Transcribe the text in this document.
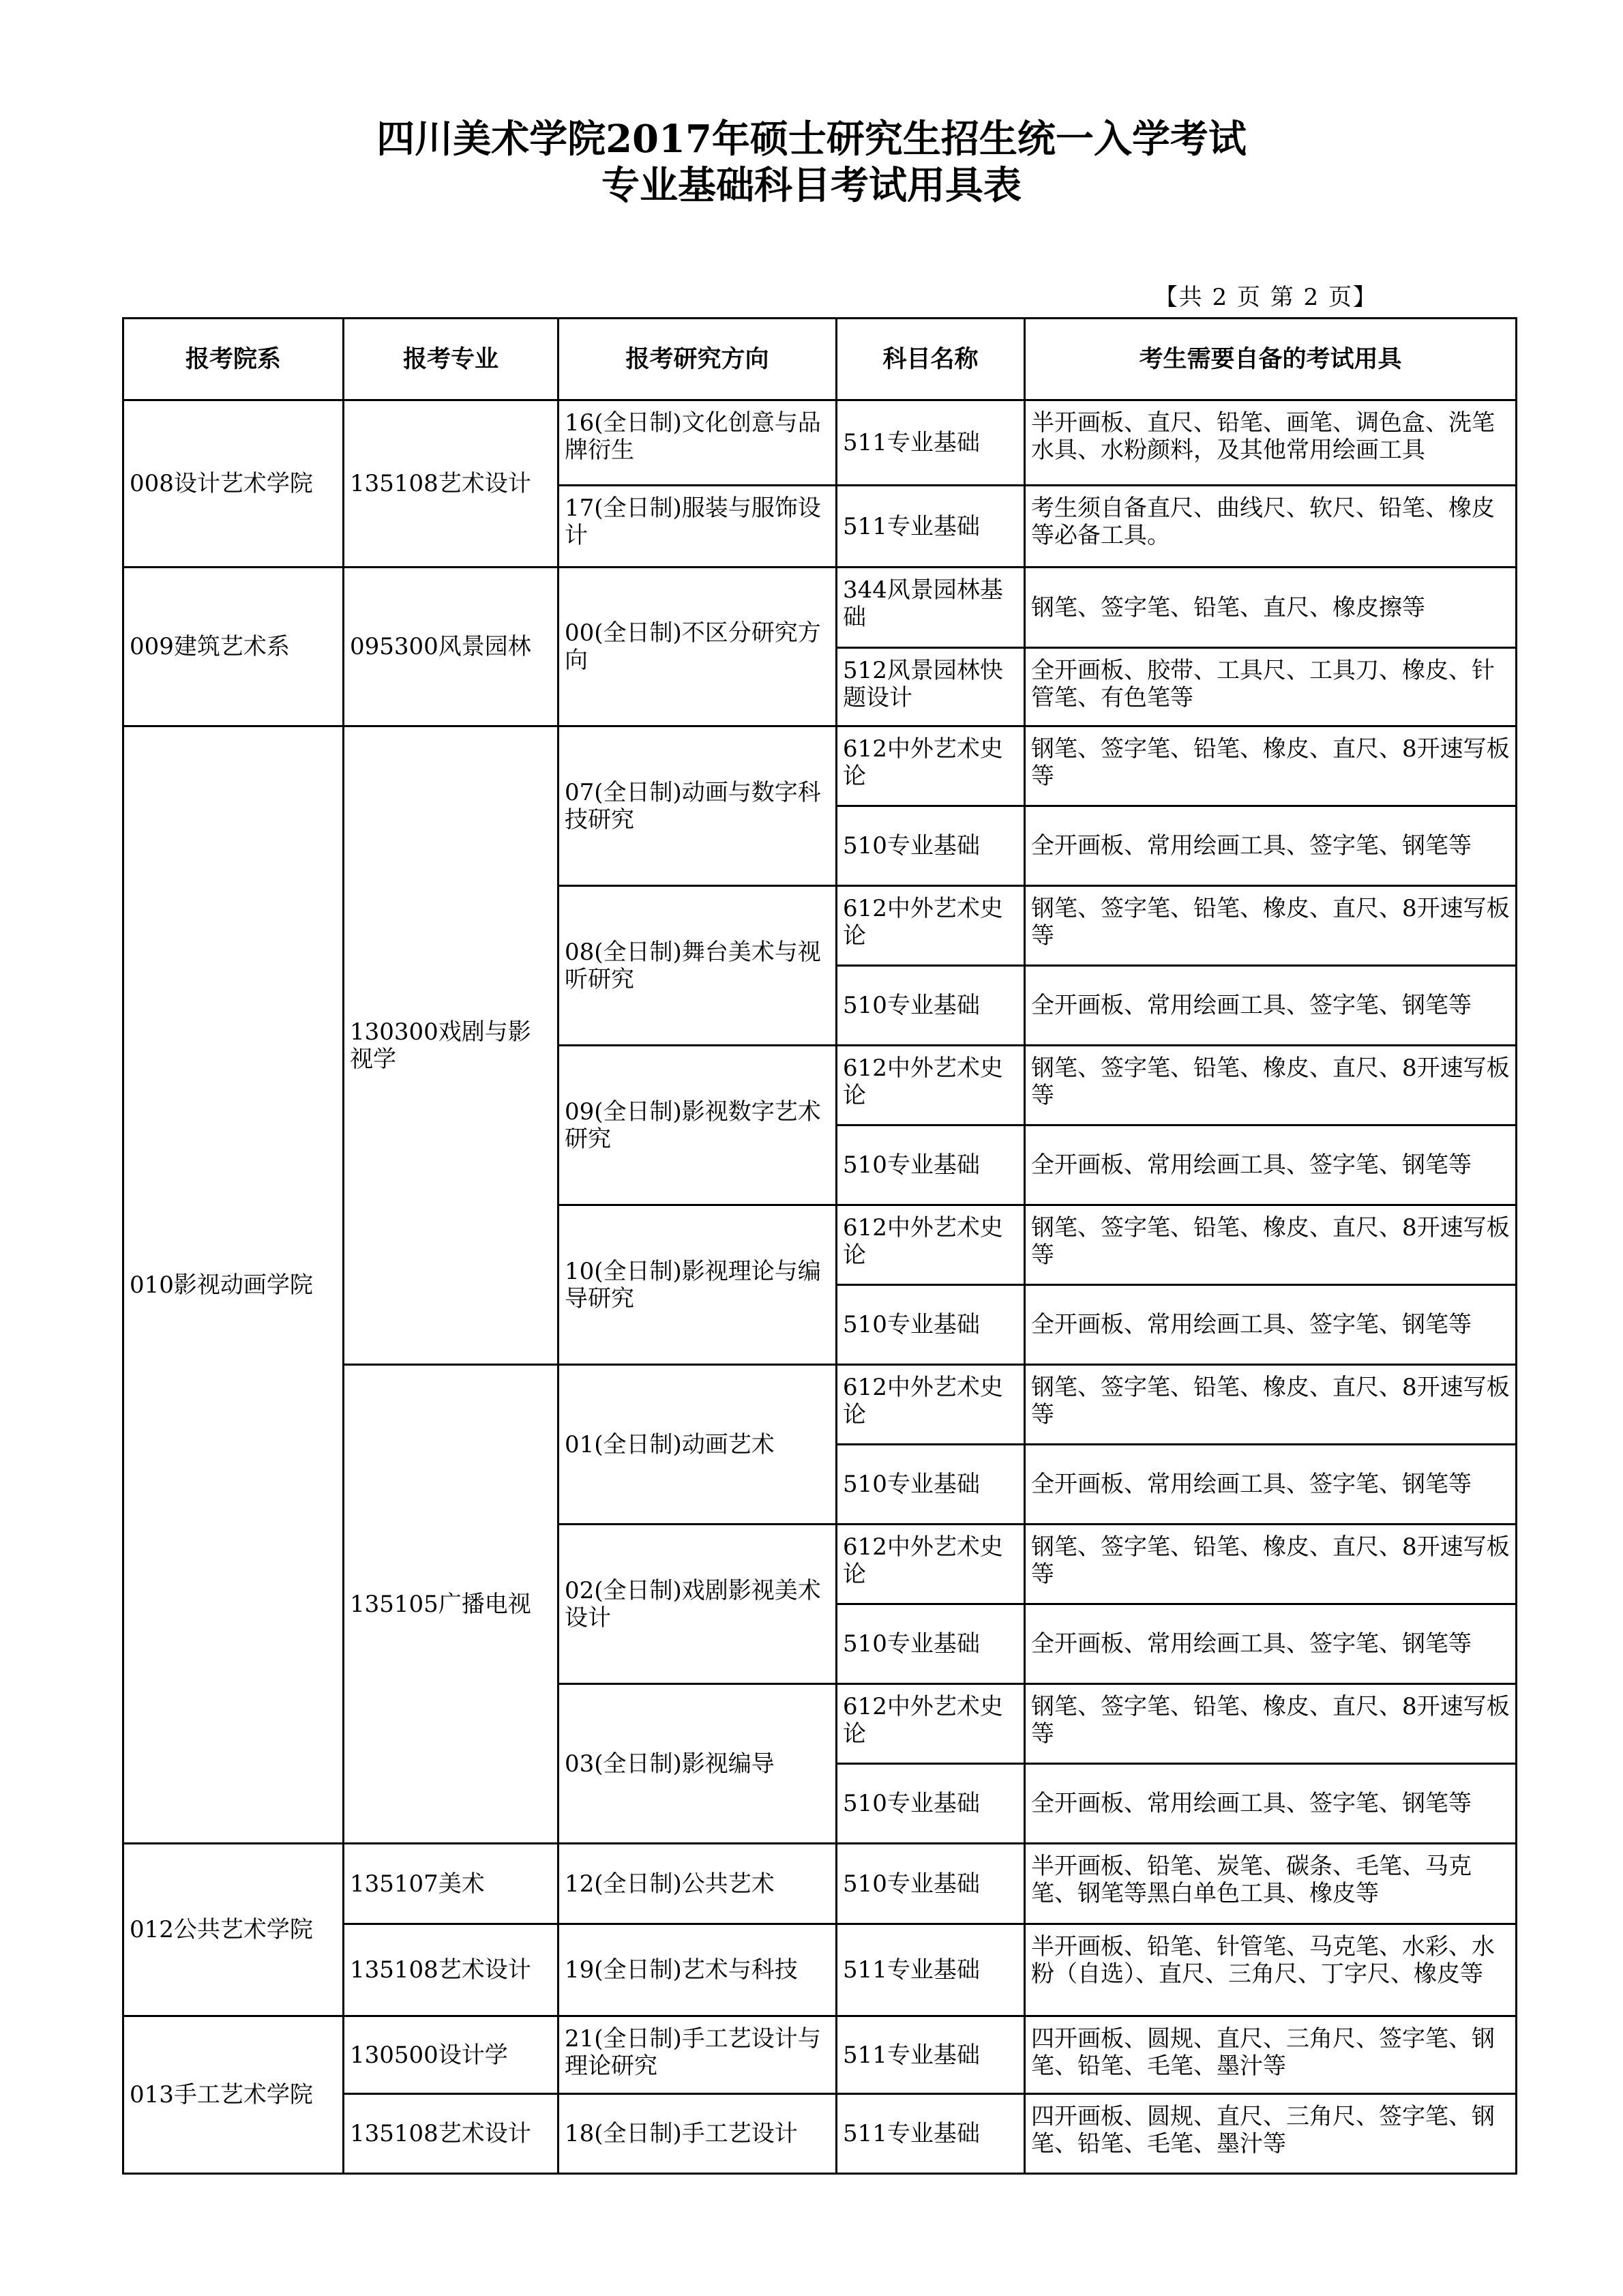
四川美术学院2017年硕士研究生招生统一入学考试
专业基础科目考试用具表
【共 2 页 第 2 页】
报考院系	报考专业	报考研究方向	科目名称	考生需要自备的考试用具
008设计艺术学院	135108艺术设计	16(全日制)文化创意与品牌衍生	511专业基础	半开画板、直尺、铅笔、画笔、调色盒、洗笔水具、水粉颜料，及其他常用绘画工具
		17(全日制)服装与服饰设计	511专业基础	考生须自备直尺、曲线尺、软尺、铅笔、橡皮等必备工具。
009建筑艺术系	095300风景园林	00(全日制)不区分研究方向	344风景园林基础	钢笔、签字笔、铅笔、直尺、橡皮擦等
			512风景园林快题设计	全开画板、胶带、工具尺、工具刀、橡皮、针管笔、有色笔等
010影视动画学院	130300戏剧与影视学	07(全日制)动画与数字科技研究	612中外艺术史论	钢笔、签字笔、铅笔、橡皮、直尺、8开速写板等
			510专业基础	全开画板、常用绘画工具、签字笔、钢笔等
		08(全日制)舞台美术与视听研究	612中外艺术史论	钢笔、签字笔、铅笔、橡皮、直尺、8开速写板等
			510专业基础	全开画板、常用绘画工具、签字笔、钢笔等
		09(全日制)影视数字艺术研究	612中外艺术史论	钢笔、签字笔、铅笔、橡皮、直尺、8开速写板等
			510专业基础	全开画板、常用绘画工具、签字笔、钢笔等
		10(全日制)影视理论与编导研究	612中外艺术史论	钢笔、签字笔、铅笔、橡皮、直尺、8开速写板等
			510专业基础	全开画板、常用绘画工具、签字笔、钢笔等
	135105广播电视	01(全日制)动画艺术	612中外艺术史论	钢笔、签字笔、铅笔、橡皮、直尺、8开速写板等
			510专业基础	全开画板、常用绘画工具、签字笔、钢笔等
		02(全日制)戏剧影视美术设计	612中外艺术史论	钢笔、签字笔、铅笔、橡皮、直尺、8开速写板等
			510专业基础	全开画板、常用绘画工具、签字笔、钢笔等
		03(全日制)影视编导	612中外艺术史论	钢笔、签字笔、铅笔、橡皮、直尺、8开速写板等
			510专业基础	全开画板、常用绘画工具、签字笔、钢笔等
012公共艺术学院	135107美术	12(全日制)公共艺术	510专业基础	半开画板、铅笔、炭笔、碳条、毛笔、马克笔、钢笔等黑白单色工具、橡皮等
	135108艺术设计	19(全日制)艺术与科技	511专业基础	半开画板、铅笔、针管笔、马克笔、水彩、水粉（自选）、直尺、三角尺、丁字尺、橡皮等
013手工艺术学院	130500设计学	21(全日制)手工艺设计与理论研究	511专业基础	四开画板、圆规、直尺、三角尺、签字笔、钢笔、铅笔、毛笔、墨汁等
	135108艺术设计	18(全日制)手工艺设计	511专业基础	四开画板、圆规、直尺、三角尺、签字笔、钢笔、铅笔、毛笔、墨汁等
